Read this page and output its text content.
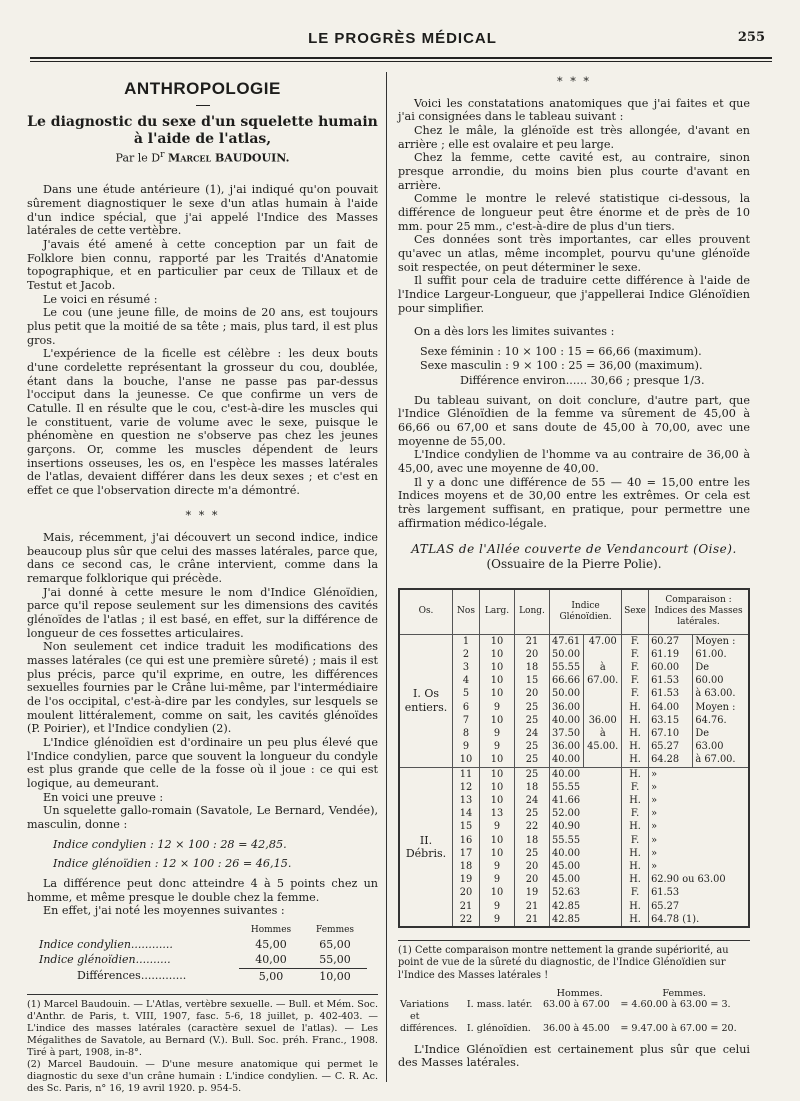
LE PROGRÈS MÉDICAL	255
ANTHROPOLOGIE
Le diagnostic du sexe d'un squelette humain à l'aide de l'atlas,
Par le $D^r$ Marcel BAUDOUIN.

Dans une étude antérieure (1), j'ai indiqué qu'on pouvait sûrement diagnostiquer le sexe d'un atlas humain à l'aide d'un indice spécial, que j'ai appelé l'Indice des Masses latérales de cette vertèbre.

J'avais été amené à cette conception par un fait de Folklore bien connu, rapporté par les Traités d'Anatomie topographique, et en particulier par ceux de Tillaux et de Testut et Jacob.

Le voici en résumé :

Le cou (une jeune fille, de moins de 20 ans, est toujours plus petit que la moitié de sa tête ; mais, plus tard, il est plus gros.

L'expérience de la ficelle est célèbre : les deux bouts d'une cordelette représentant la grosseur du cou, doublée, étant dans la bouche, l'anse ne passe pas par-dessus l'occiput dans la jeunesse. Ce que confirme un vers de Catulle. Il en résulte que le cou, c'est-à-dire les muscles qui le constituent, varie de volume avec le sexe, puisque le phénomène en question ne s'observe pas chez les jeunes garçons. Or, comme les muscles dépendent de leurs insertions osseuses, les os, en l'espèce les masses latérales de l'atlas, devaient différer dans les deux sexes ; et c'est en effet ce que l'observation directe m'a démontré.

* * *

Mais, récemment, j'ai découvert un second indice, indice beaucoup plus sûr que celui des masses latérales, parce que, dans ce second cas, le crâne intervient, comme dans la remarque folklorique qui précède.

J'ai donné à cette mesure le nom d'Indice Glénoïdien, parce qu'il repose seulement sur les dimensions des cavités glénoïdes de l'atlas ; il est basé, en effet, sur la différence de longueur de ces fossettes articulaires.

Non seulement cet indice traduit les modifications des masses latérales (ce qui est une première sûreté) ; mais il est plus précis, parce qu'il exprime, en outre, les différences sexuelles fournies par le Crâne lui-même, par l'intermédiaire de l'os occipital, c'est-à-dire par les condyles, sur lesquels se moulent littéralement, comme on sait, les cavités glénoïdes (P. Poirier), et l'Indice condylien (2).

L'Indice glénoïdien est d'ordinaire un peu plus élevé que l'Indice condylien, parce que souvent la longueur du condyle est plus grande que celle de la fosse où il joue : ce qui est logique, au demeurant.

En voici une preuve :

Un squelette gallo-romain (Savatole, Le Bernard, Vendée), masculin, donne :

Indice condylien : 12 × 100 : 28 = 42,85.
Indice glénoïdien : 12 × 100 : 26 = 46,15.

La différence peut donc atteindre 4 à 5 points chez un homme, et même presque le double chez la femme.

En effet, j'ai noté les moyennes suivantes :

	Hommes	Femmes
Indice condylien............	45,00	65,00
Indice glénoïdien..........	40,00	55,00
Différences.............	5,00	10,00

(1) Marcel Baudouin. — L'Atlas, vertèbre sexuelle. — Bull. et Mém. Soc. d'Anthr. de Paris, t. VIII, 1907, fasc. 5-6, 18 juillet, p. 402-403. — L'indice des masses latérales (caractère sexuel de l'atlas). — Les Mégalithes de Savatole, au Bernard (V.). Bull. Soc. préh. Franc., 1908. Tiré à part, 1908, in-8°.

(2) Marcel Baudouin. — D'une mesure anatomique qui permet le diagnostic du sexe d'un crâne humain : L'indice condylien. — C. R. Ac. des Sc. Paris, n° 16, 19 avril 1920. p. 954-5.

* * *

Voici les constatations anatomiques que j'ai faites et que j'ai consignées dans le tableau suivant :

Chez le mâle, la glénoïde est très allongée, d'avant en arrière ; elle est ovalaire et peu large.

Chez la femme, cette cavité est, au contraire, sinon presque arrondie, du moins bien plus courte d'avant en arrière.

Comme le montre le relevé statistique ci-dessous, la différence de longueur peut être énorme et de près de 10 mm. pour 25 mm., c'est-à-dire de plus d'un tiers.

Ces données sont très importantes, car elles prouvent qu'avec un atlas, même incomplet, pourvu qu'une glénoïde soit respectée, on peut déterminer le sexe.

Il suffit pour cela de traduire cette différence à l'aide de l'Indice Largeur-Longueur, que j'appellerai Indice Glénoïdien pour simplifier.

On a dès lors les limites suivantes :

Sexe féminin : 10 × 100 : 15 = 66,66 (maximum).
Sexe masculin : 9 × 100 : 25 = 36,00 (maximum).
Différence environ...... 30,66 ; presque 1/3.

Du tableau suivant, on doit conclure, d'autre part, que l'Indice Glénoïdien de la femme va sûrement de 45,00 à 66,66 ou 67,00 et sans doute de 45,00 à 70,00, avec une moyenne de 55,00.

L'Indice condylien de l'homme va au contraire de 36,00 à 45,00, avec une moyenne de 40,00.

Il y a donc une différence de 55 — 40 = 15,00 entre les Indices moyens et de 30,00 entre les extrêmes. Or cela est très largement suffisant, en pratique, pour permettre une affirmation médico-légale.

ATLAS de l'Allée couverte de Vendancourt (Oise).
(Ossuaire de la Pierre Polie).
Os.	Nos	Larg.	Long.	Indice Glénoïdien.		Sexe	Comparaison : Indices des Masses latérales.	
I. Os entiers.	1	10	21	47.61	47.00	F.	60.27	Moyen :
	2	10	20	50.00		F.	61.19	61.00.
	3	10	18	55.55	à	F.	60.00	De
	4	10	15	66.66	67.00.	F.	61.53	60.00
	5	10	20	50.00		F.	61.53	à 63.00.
	6	9	25	36.00		H.	64.00	Moyen :
	7	10	25	40.00	36.00	H.	63.15	64.76.
	8	9	24	37.50	à	H.	67.10	De
	9	9	25	36.00	45.00.	H.	65.27	63.00
	10	10	25	40.00		H.	64.28	à 67.00.
II. Débris.	11	10	25	40.00		H.	»	
	12	10	18	55.55		F.	»	
	13	10	24	41.66		H.	»	
	14	13	25	52.00		F.	»	
	15	9	22	40.90		H.	»	
	16	10	18	55.55		F.	»	
	17	10	25	40.00		H.	»	
	18	9	20	45.00		H.	»	
	19	9	20	45.00		H.	62.90 ou 63.00	
	20	10	19	52.63		F.	61.53	
	21	9	21	42.85		H.	65.27	
	22	9	21	42.85		H.	64.78 (1).	
(1) Cette comparaison montre nettement la grande supériorité, au point de vue de la sûreté du diagnostic, de l'Indice Glénoïdien sur l'Indice des Masses latérales !
		Hommes.	Femmes.
Variations	I. mass. latér.	63.00 à 67.00	= 4.60.00 à 63.00 = 3.
et			
différences.	I. glénoïdien.	36.00 à 45.00	= 9.47.00 à 67.00 = 20.

L'Indice Glénoïdien est certainement plus sûr que celui des Masses latérales.
